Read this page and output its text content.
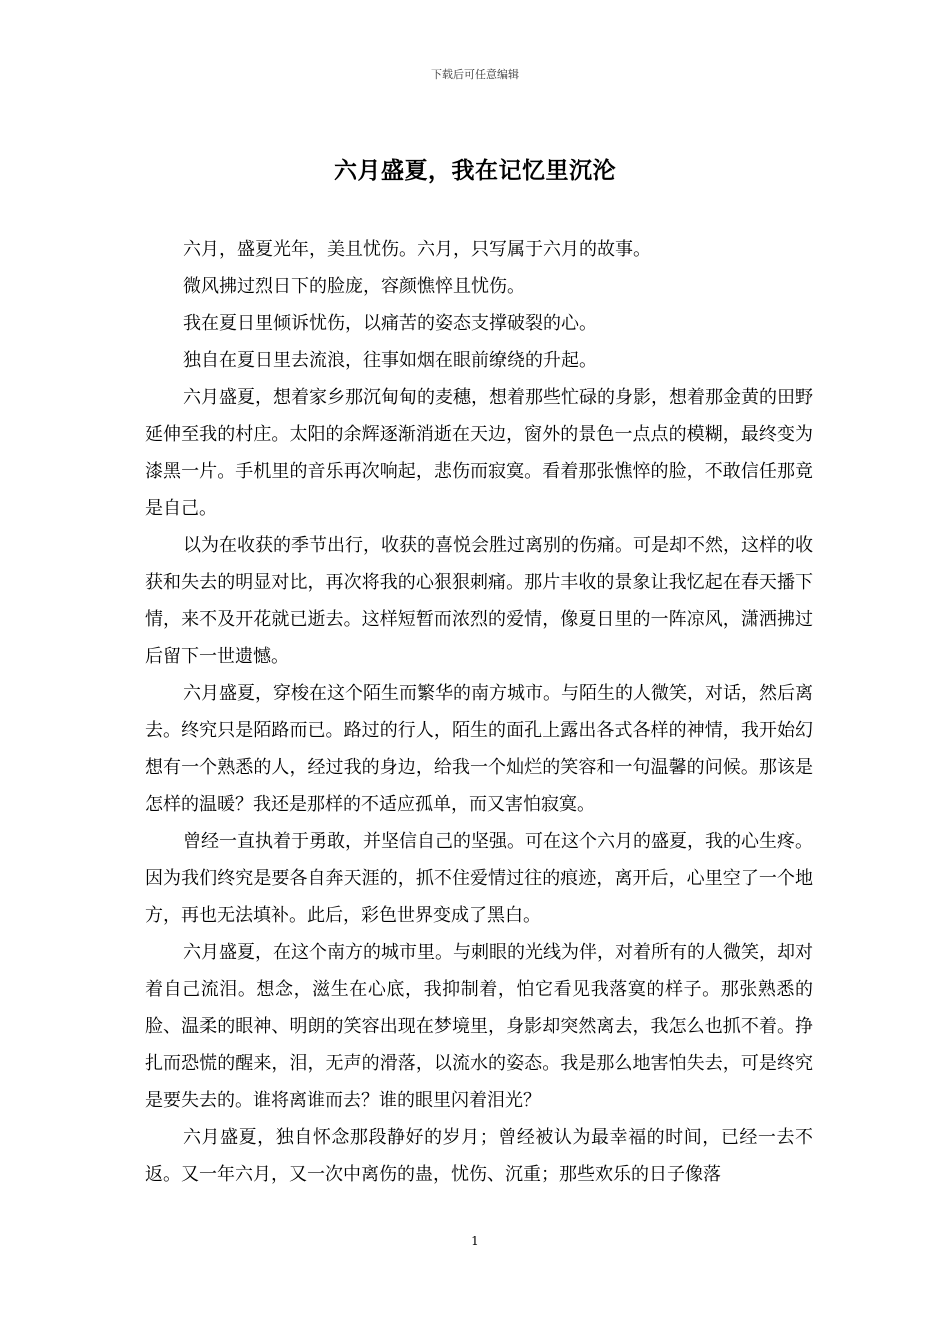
下载后可任意编辑
六月盛夏，我在记忆里沉沦

六月，盛夏光年，美且忧伤。六月，只写属于六月的故事。

微风拂过烈日下的脸庞，容颜憔悴且忧伤。

我在夏日里倾诉忧伤，以痛苦的姿态支撑破裂的心。

独自在夏日里去流浪，往事如烟在眼前缭绕的升起。

六月盛夏，想着家乡那沉甸甸的麦穗，想着那些忙碌的身影，想着那金黄的田野延伸至我的村庄。太阳的余辉逐渐消逝在天边，窗外的景色一点点的模糊，最终变为漆黑一片。手机里的音乐再次响起，悲伤而寂寞。看着那张憔悴的脸，不敢信任那竟是自己。

以为在收获的季节出行，收获的喜悦会胜过离别的伤痛。可是却不然，这样的收获和失去的明显对比，再次将我的心狠狠刺痛。那片丰收的景象让我忆起在春天播下情，来不及开花就已逝去。这样短暂而浓烈的爱情，像夏日里的一阵凉风，潇洒拂过后留下一世遗憾。

六月盛夏，穿梭在这个陌生而繁华的南方城市。与陌生的人微笑，对话，然后离去。终究只是陌路而已。路过的行人，陌生的面孔上露出各式各样的神情，我开始幻想有一个熟悉的人，经过我的身边，给我一个灿烂的笑容和一句温馨的问候。那该是怎样的温暖？我还是那样的不适应孤单，而又害怕寂寞。

曾经一直执着于勇敢，并坚信自己的坚强。可在这个六月的盛夏，我的心生疼。因为我们终究是要各自奔天涯的，抓不住爱情过往的痕迹，离开后，心里空了一个地方，再也无法填补。此后，彩色世界变成了黑白。

六月盛夏，在这个南方的城市里。与刺眼的光线为伴，对着所有的人微笑，却对着自己流泪。想念，滋生在心底，我抑制着，怕它看见我落寞的样子。那张熟悉的脸、温柔的眼神、明朗的笑容出现在梦境里，身影却突然离去，我怎么也抓不着。挣扎而恐慌的醒来，泪，无声的滑落，以流水的姿态。我是那么地害怕失去，可是终究是要失去的。谁将离谁而去？谁的眼里闪着泪光？

六月盛夏，独自怀念那段静好的岁月；曾经被认为最幸福的时间，已经一去不返。又一年六月，又一次中离伤的蛊，忧伤、沉重；那些欢乐的日子像落

1
